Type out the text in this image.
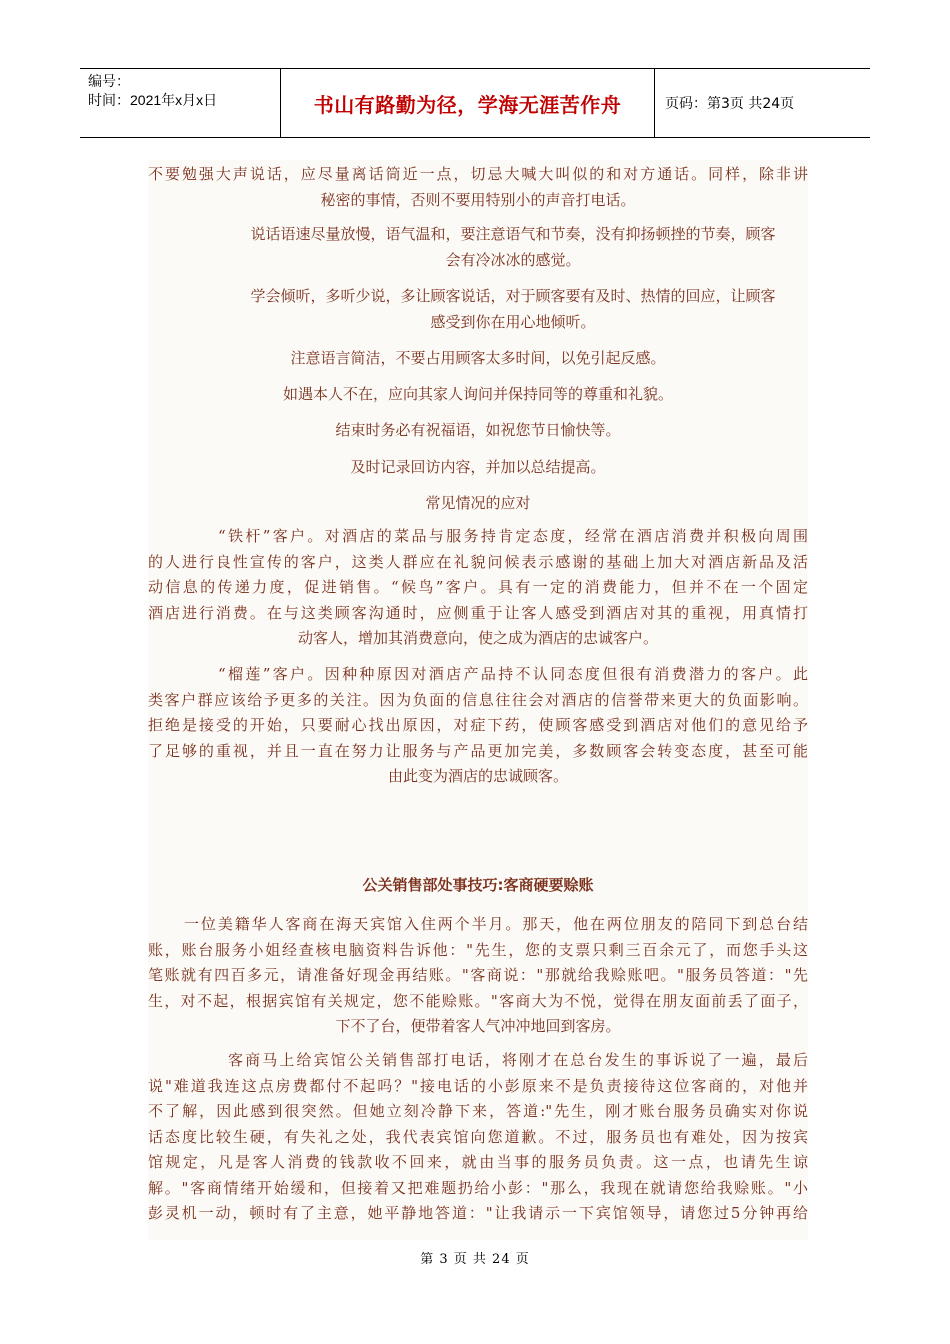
编号：
时间：2021年x月x日	书山有路勤为径，学海无涯苦作舟	页码：第3页 共24页
不要勉强大声说话，应尽量离话筒近一点，切忌大喊大叫似的和对方通话。同样，除非讲
秘密的事情，否则不要用特别小的声音打电话。
说话语速尽量放慢，语气温和，要注意语气和节奏，没有抑扬顿挫的节奏，顾客
会有冷冰冰的感觉。
学会倾听，多听少说，多让顾客说话，对于顾客要有及时、热情的回应，让顾客
感受到你在用心地倾听。
注意语言简洁，不要占用顾客太多时间，以免引起反感。
如遇本人不在，应向其家人询问并保持同等的尊重和礼貌。
结束时务必有祝福语，如祝您节日愉快等。
及时记录回访内容，并加以总结提高。
常见情况的应对
“铁杆”客户。对酒店的菜品与服务持肯定态度，经常在酒店消费并积极向周围
的人进行良性宣传的客户，这类人群应在礼貌问候表示感谢的基础上加大对酒店新品及活
动信息的传递力度，促进销售。“候鸟”客户。具有一定的消费能力，但并不在一个固定
酒店进行消费。在与这类顾客沟通时，应侧重于让客人感受到酒店对其的重视，用真情打
动客人，增加其消费意向，使之成为酒店的忠诚客户。
“榴莲”客户。因种种原因对酒店产品持不认同态度但很有消费潜力的客户。此
类客户群应该给予更多的关注。因为负面的信息往往会对酒店的信誉带来更大的负面影响。
拒绝是接受的开始，只要耐心找出原因，对症下药，使顾客感受到酒店对他们的意见给予
了足够的重视，并且一直在努力让服务与产品更加完美，多数顾客会转变态度，甚至可能
由此变为酒店的忠诚顾客。
公关销售部处事技巧:客商硬要赊账
一位美籍华人客商在海天宾馆入住两个半月。那天，他在两位朋友的陪同下到总台结
账，账台服务小姐经查核电脑资料告诉他："先生，您的支票只剩三百余元了，而您手头这
笔账就有四百多元，请准备好现金再结账。"客商说："那就给我赊账吧。"服务员答道："先
生，对不起，根据宾馆有关规定，您不能赊账。"客商大为不悦，觉得在朋友面前丢了面子，
下不了台，便带着客人气冲冲地回到客房。
客商马上给宾馆公关销售部打电话，将刚才在总台发生的事诉说了一遍，最后
说"难道我连这点房费都付不起吗？"接电话的小彭原来不是负责接待这位客商的，对他并
不了解，因此感到很突然。但她立刻冷静下来，答道:"先生，刚才账台服务员确实对你说
话态度比较生硬，有失礼之处，我代表宾馆向您道歉。不过，服务员也有难处，因为按宾
馆规定，凡是客人消费的钱款收不回来，就由当事的服务员负责。这一点，也请先生谅
解。"客商情绪开始缓和，但接着又把难题扔给小彭："那么，我现在就请您给我赊账。"小
彭灵机一动，顿时有了主意，她平静地答道："让我请示一下宾馆领导，请您过5分钟再给
第 3 页 共 24 页
